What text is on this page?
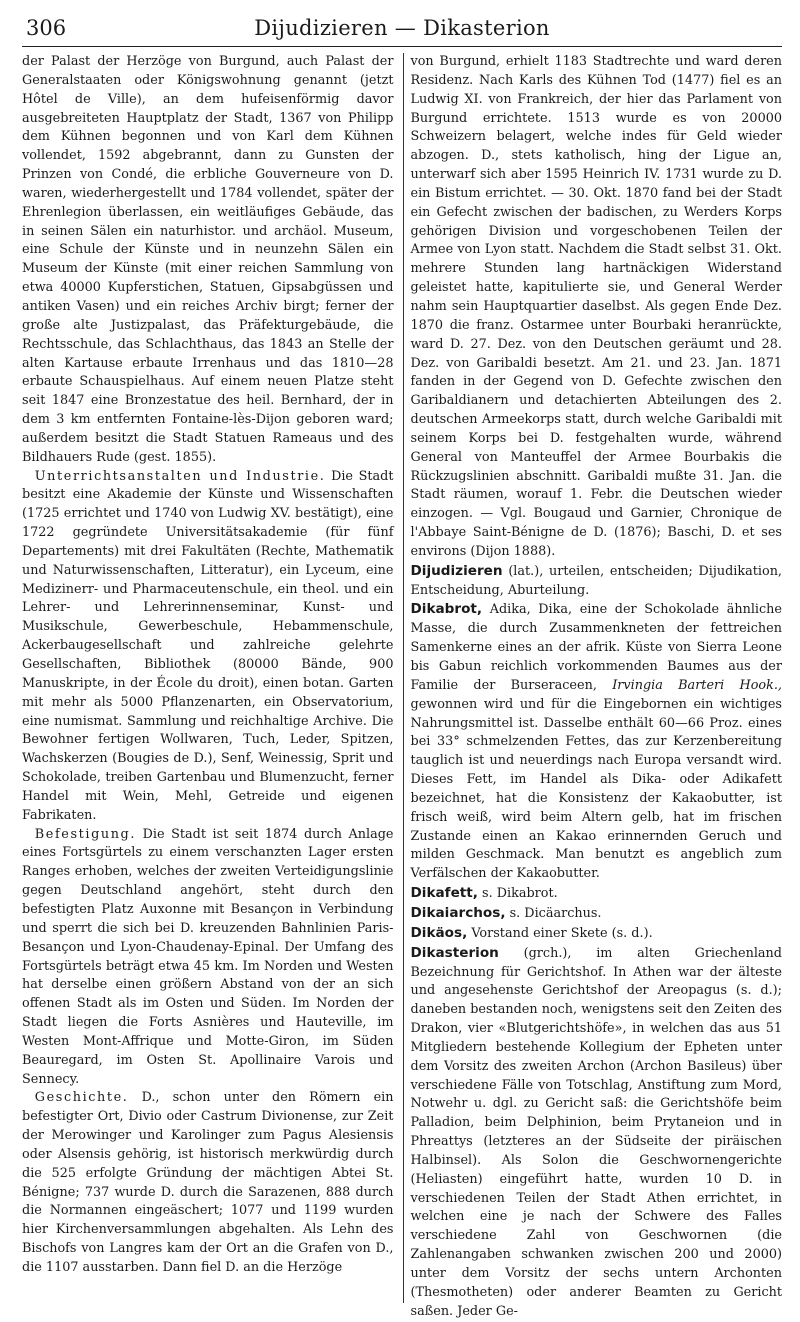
306	Dijudizieren — Dikasterion

der Palast der Herzöge von Burgund, auch Palast der Generalstaaten oder Königswohnung genannt (jetzt Hôtel de Ville), an dem hufeisenförmig davor ausgebreiteten Hauptplatz der Stadt, 1367 von Philipp dem Kühnen begonnen und von Karl dem Kühnen vollendet, 1592 abgebrannt, dann zu Gunsten der Prinzen von Condé, die erbliche Gouverneure von D. waren, wiederhergestellt und 1784 vollendet, später der Ehrenlegion überlassen, ein weitläufiges Gebäude, das in seinen Sälen ein naturhistor. und archäol. Museum, eine Schule der Künste und in neunzehn Sälen ein Museum der Künste (mit einer reichen Sammlung von etwa 40000 Kupferstichen, Statuen, Gipsabgüssen und antiken Vasen) und ein reiches Archiv birgt; ferner der große alte Justizpalast, das Präfekturgebäude, die Rechtsschule, das Schlachthaus, das 1843 an Stelle der alten Kartause erbaute Irrenhaus und das 1810—28 erbaute Schauspielhaus. Auf einem neuen Platze steht seit 1847 eine Bronzestatue des heil. Bernhard, der in dem 3 km entfernten Fontaine-lès-Dijon geboren ward; außerdem besitzt die Stadt Statuen Rameaus und des Bildhauers Rude (gest. 1855).

 Unterrichtsanstalten und Industrie. Die Stadt besitzt eine Akademie der Künste und Wissenschaften (1725 errichtet und 1740 von Ludwig XV. bestätigt), eine 1722 gegründete Universitätsakademie (für fünf Departements) mit drei Fakultäten (Rechte, Mathematik und Naturwissenschaften, Litteratur), ein Lyceum, eine Medizinerr- und Pharmaceutenschule, ein theol. und ein Lehrer- und Lehrerinnenseminar, Kunst- und Musikschule, Gewerbeschule, Hebammenschule, Ackerbaugesellschaft und zahlreiche gelehrte Gesellschaften, Bibliothek (80000 Bände, 900 Manuskripte, in der École du droit), einen botan. Garten mit mehr als 5000 Pflanzenarten, ein Observatorium, eine numismat. Sammlung und reichhaltige Archive. Die Bewohner fertigen Wollwaren, Tuch, Leder, Spitzen, Wachskerzen (Bougies de D.), Senf, Weinessig, Sprit und Schokolade, treiben Gartenbau und Blumenzucht, ferner Handel mit Wein, Mehl, Getreide und eigenen Fabrikaten.

 Befestigung. Die Stadt ist seit 1874 durch Anlage eines Fortsgürtels zu einem verschanzten Lager ersten Ranges erhoben, welches der zweiten Verteidigungslinie gegen Deutschland angehört, steht durch den befestigten Platz Auxonne mit Besançon in Verbindung und sperrt die sich bei D. kreuzenden Bahnlinien Paris-Besançon und Lyon-Chaudenay-Epinal. Der Umfang des Fortsgürtels beträgt etwa 45 km. Im Norden und Westen hat derselbe einen größern Abstand von der an sich offenen Stadt als im Osten und Süden. Im Norden der Stadt liegen die Forts Asnières und Hauteville, im Westen Mont-Affrique und Motte-Giron, im Süden Beauregard, im Osten St. Apollinaire Varois und Sennecy.

 Geschichte. D., schon unter den Römern ein befestigter Ort, Divio oder Castrum Divionense, zur Zeit der Merowinger und Karolinger zum Pagus Alesiensis oder Alsensis gehörig, ist historisch merkwürdig durch die 525 erfolgte Gründung der mächtigen Abtei St. Bénigne; 737 wurde D. durch die Sarazenen, 888 durch die Normannen eingeäschert; 1077 und 1199 wurden hier Kirchenversammlungen abgehalten. Als Lehn des Bischofs von Langres kam der Ort an die Grafen von D., die 1107 ausstarben. Dann fiel D. an die Herzöge

von Burgund, erhielt 1183 Stadtrechte und ward deren Residenz. Nach Karls des Kühnen Tod (1477) fiel es an Ludwig XI. von Frankreich, der hier das Parlament von Burgund errichtete. 1513 wurde es von 20000 Schweizern belagert, welche indes für Geld wieder abzogen. D., stets katholisch, hing der Ligue an, unterwarf sich aber 1595 Heinrich IV. 1731 wurde zu D. ein Bistum errichtet. — 30. Okt. 1870 fand bei der Stadt ein Gefecht zwischen der badischen, zu Werders Korps gehörigen Division und vorgeschobenen Teilen der Armee von Lyon statt. Nachdem die Stadt selbst 31. Okt. mehrere Stunden lang hartnäckigen Widerstand geleistet hatte, kapitulierte sie, und General Werder nahm sein Hauptquartier daselbst. Als gegen Ende Dez. 1870 die franz. Ostarmee unter Bourbaki heranrückte, ward D. 27. Dez. von den Deutschen geräumt und 28. Dez. von Garibaldi besetzt. Am 21. und 23. Jan. 1871 fanden in der Gegend von D. Gefechte zwischen den Garibaldianern und detachierten Abteilungen des 2. deutschen Armeekorps statt, durch welche Garibaldi mit seinem Korps bei D. festgehalten wurde, während General von Manteuffel der Armee Bourbakis die Rückzugslinien abschnitt. Garibaldi mußte 31. Jan. die Stadt räumen, worauf 1. Febr. die Deutschen wieder einzogen. — Vgl. Bougaud und Garnier, Chronique de l'Abbaye Saint-Bénigne de D. (1876); Baschi, D. et ses environs (Dijon 1888).

Dijudizieren (lat.), urteilen, entscheiden; Dijudikation, Entscheidung, Aburteilung.

Dikabrot, Adika, Dika, eine der Schokolade ähnliche Masse, die durch Zusammenkneten der fettreichen Samenkerne eines an der afrik. Küste von Sierra Leone bis Gabun reichlich vorkommenden Baumes aus der Familie der Burseraceen, Irvingia Barteri Hook., gewonnen wird und für die Eingebornen ein wichtiges Nahrungsmittel ist. Dasselbe enthält 60—66 Proz. eines bei 33° schmelzenden Fettes, das zur Kerzenbereitung tauglich ist und neuerdings nach Europa versandt wird. Dieses Fett, im Handel als Dika- oder Adikafett bezeichnet, hat die Konsistenz der Kakaobutter, ist frisch weiß, wird beim Altern gelb, hat im frischen Zustande einen an Kakao erinnernden Geruch und milden Geschmack. Man benutzt es angeblich zum Verfälschen der Kakaobutter.

Dikafett, s. Dikabrot.

Dikaiarchos, s. Dicäarchus.

Dikäos, Vorstand einer Skete (s. d.).

Dikasterion (grch.), im alten Griechenland Bezeichnung für Gerichtshof. In Athen war der älteste und angesehenste Gerichtshof der Areopagus (s. d.); daneben bestanden noch, wenigstens seit den Zeiten des Drakon, vier «Blutgerichtshöfe», in welchen das aus 51 Mitgliedern bestehende Kollegium der Epheten unter dem Vorsitz des zweiten Archon (Archon Basileus) über verschiedene Fälle von Totschlag, Anstiftung zum Mord, Notwehr u. dgl. zu Gericht saß: die Gerichtshöfe beim Palladion, beim Delphinion, beim Prytaneion und in Phreattys (letzteres an der Südseite der piräischen Halbinsel). Als Solon die Geschwornengerichte (Heliasten) eingeführt hatte, wurden 10 D. in verschiedenen Teilen der Stadt Athen errichtet, in welchen eine je nach der Schwere des Falles verschiedene Zahl von Geschwornen (die Zahlenangaben schwanken zwischen 200 und 2000) unter dem Vorsitz der sechs untern Archonten (Thesmotheten) oder anderer Beamten zu Gericht saßen. Jeder Ge-
